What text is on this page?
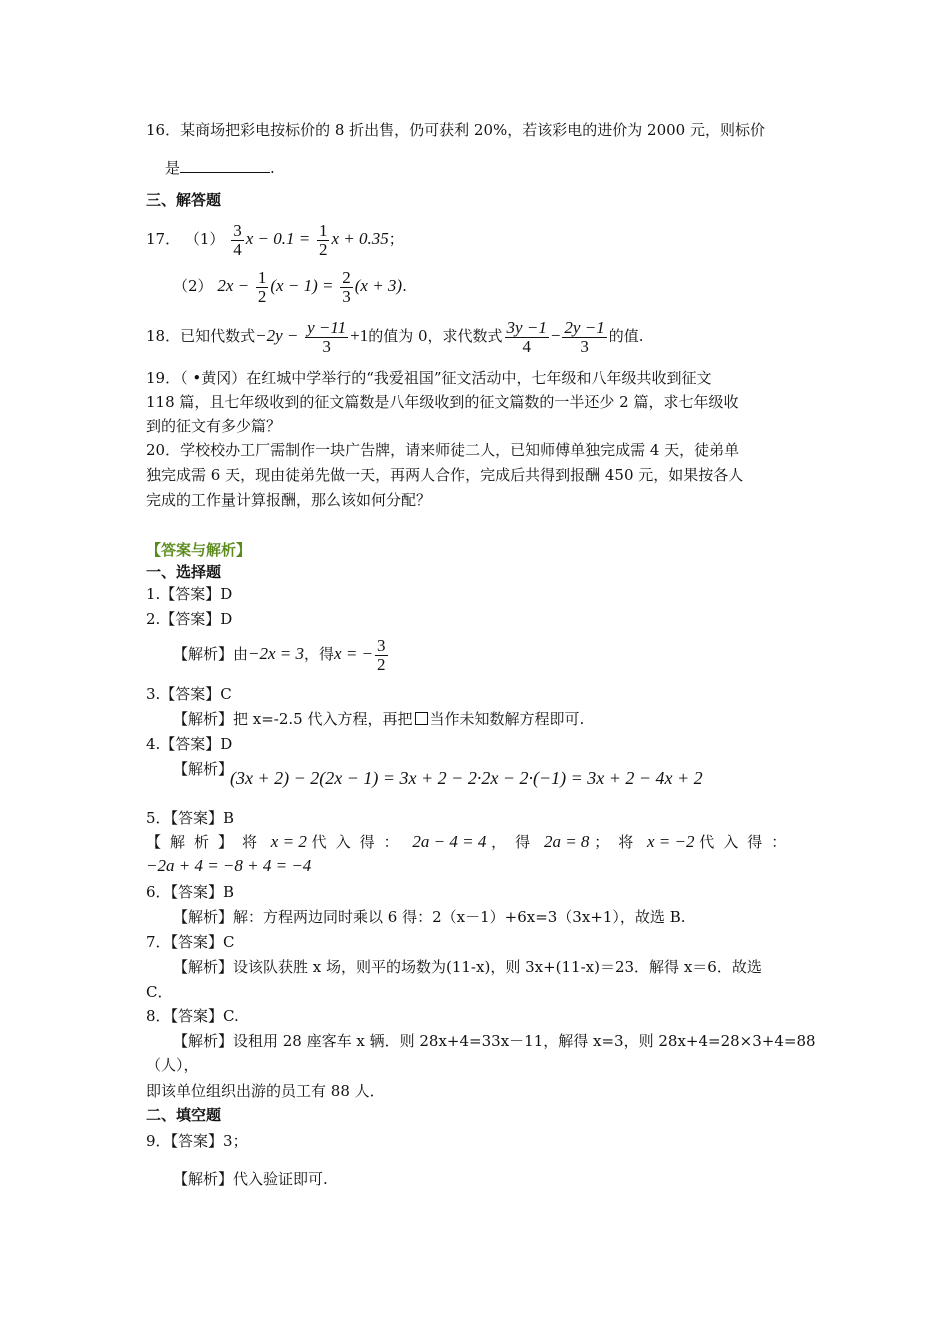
16．某商场把彩电按标价的 8 折出售，仍可获利 20%，若该彩电的进价为 2000 元，则标价
是	.
三、解答题
17． $(1) \frac{3}{4}$ $x - 0.1 = \frac{1}{2}$ x + 0.35；
（2） $2x - \frac{1}{2} (x - 1) = \frac{2}{3} (x + 3)$.
18．已知代数式$-2y - \frac{y -11}{3} +1$的值为 0，求代数式 $\frac{3y -1}{4} - \frac{2y -1}{3}$ 的值.
19．（ •黄冈）在红城中学举行的“我爱祖国”征文活动中，七年级和八年级共收到征文
118 篇，且七年级收到的征文篇数是八年级收到的征文篇数的一半还少 2 篇，求七年级收
到的征文有多少篇？
20．学校校办工厂需制作一块广告牌，请来师徒二人，已知师傅单独完成需 4 天，徒弟单
独完成需 6 天，现由徒弟先做一天，再两人合作，完成后共得到报酬 450 元，如果按各人
完成的工作量计算报酬，那么该如何分配？
【答案与解析】
一、选择题
1.【答案】D
2.【答案】D
【解析】由−2x = 3，得x = − $\frac{3}{2}$
3.【答案】C
【解析】把 x=-2.5 代入方程，再把 当作未知数解方程即可.
4.【答案】D
【解析】
(3x + 2) − 2(2x − 1) = 3x + 2 − 2·2x − 2·(−1) = 3x + 2 − 4x + 2
5．【答案】B
【解析】将 x = 2 代入得： 2a − 4 = 4 ，得 2a = 8 ；将 x = −2 代入得：
−2a + 4 = −8 + 4 = −4
6．【答案】B
【解析】解：方程两边同时乘以 6 得：2（x－1）+6x=3（3x+1），故选 B.
7．【答案】C
【解析】设该队获胜 x 场，则平的场数为(11-x)，则 3x+(11-x)＝23．解得 x＝6．故选
C．
8．【答案】C.
【解析】设租用 28 座客车 x 辆．则 28x+4=33x－11，解得 x=3，则 28x+4=28×3+4=88
（人），
即该单位组织出游的员工有 88 人．
二、填空题
9．【答案】3；
【解析】代入验证即可.
